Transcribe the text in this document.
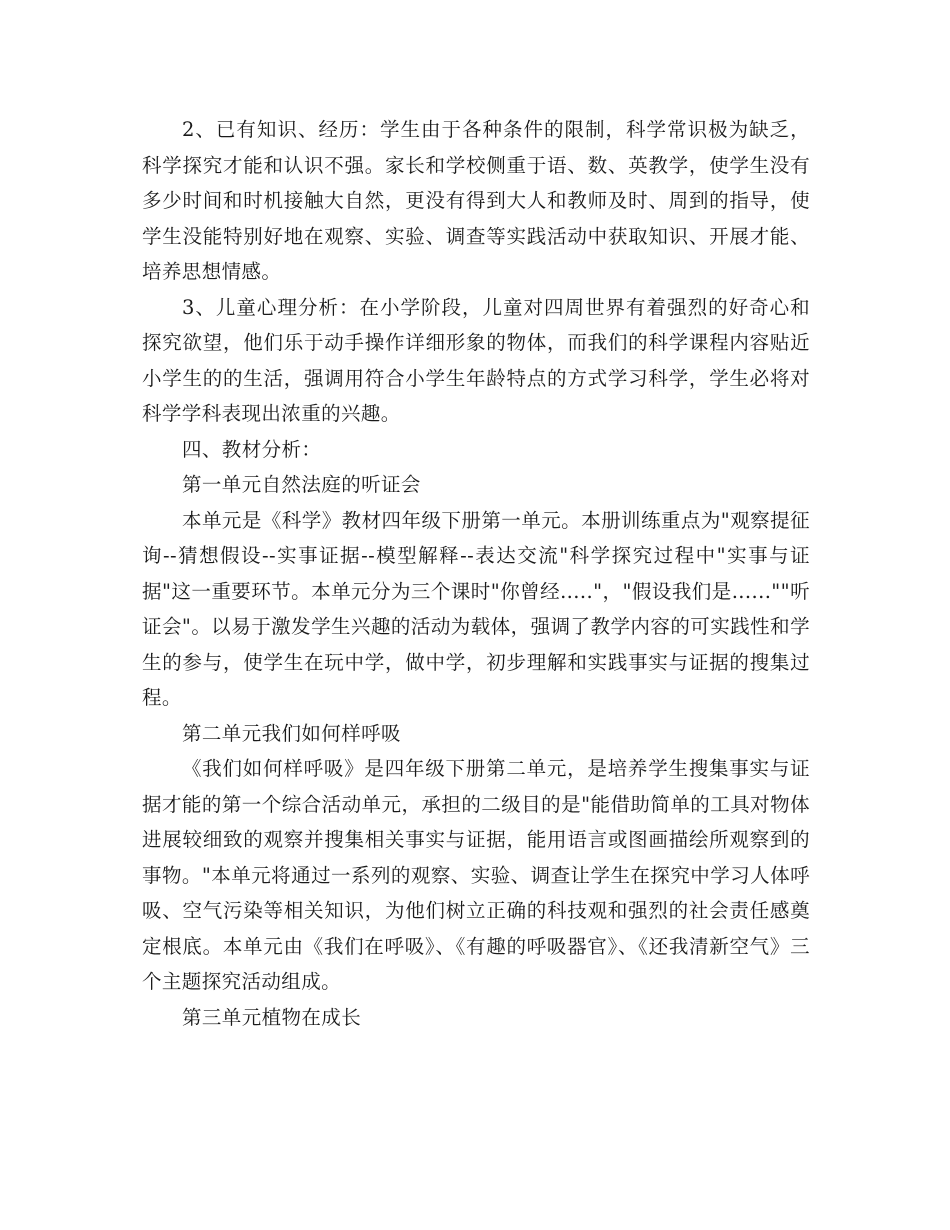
2、已有知识、经历：学生由于各种条件的限制，科学常识极为缺乏，科学探究才能和认识不强。家长和学校侧重于语、数、英教学，使学生没有多少时间和时机接触大自然，更没有得到大人和教师及时、周到的指导，使学生没能特别好地在观察、实验、调查等实践活动中获取知识、开展才能、培养思想情感。

3、儿童心理分析：在小学阶段，儿童对四周世界有着强烈的好奇心和探究欲望，他们乐于动手操作详细形象的物体，而我们的科学课程内容贴近小学生的的生活，强调用符合小学生年龄特点的方式学习科学，学生必将对科学学科表现出浓重的兴趣。

四、教材分析：

第一单元自然法庭的听证会

本单元是《科学》教材四年级下册第一单元。本册训练重点为"观察提征询--猜想假设--实事证据--模型解释--表达交流"科学探究过程中"实事与证据"这一重要环节。本单元分为三个课时"你曾经....."，"假设我们是......""听证会"。以易于激发学生兴趣的活动为载体，强调了教学内容的可实践性和学生的参与，使学生在玩中学，做中学，初步理解和实践事实与证据的搜集过程。

第二单元我们如何样呼吸

《我们如何样呼吸》是四年级下册第二单元，是培养学生搜集事实与证据才能的第一个综合活动单元，承担的二级目的是"能借助简单的工具对物体进展较细致的观察并搜集相关事实与证据，能用语言或图画描绘所观察到的事物。"本单元将通过一系列的观察、实验、调查让学生在探究中学习人体呼吸、空气污染等相关知识，为他们树立正确的科技观和强烈的社会责任感奠定根底。本单元由《我们在呼吸》、《有趣的呼吸器官》、《还我清新空气》三个主题探究活动组成。

第三单元植物在成长
